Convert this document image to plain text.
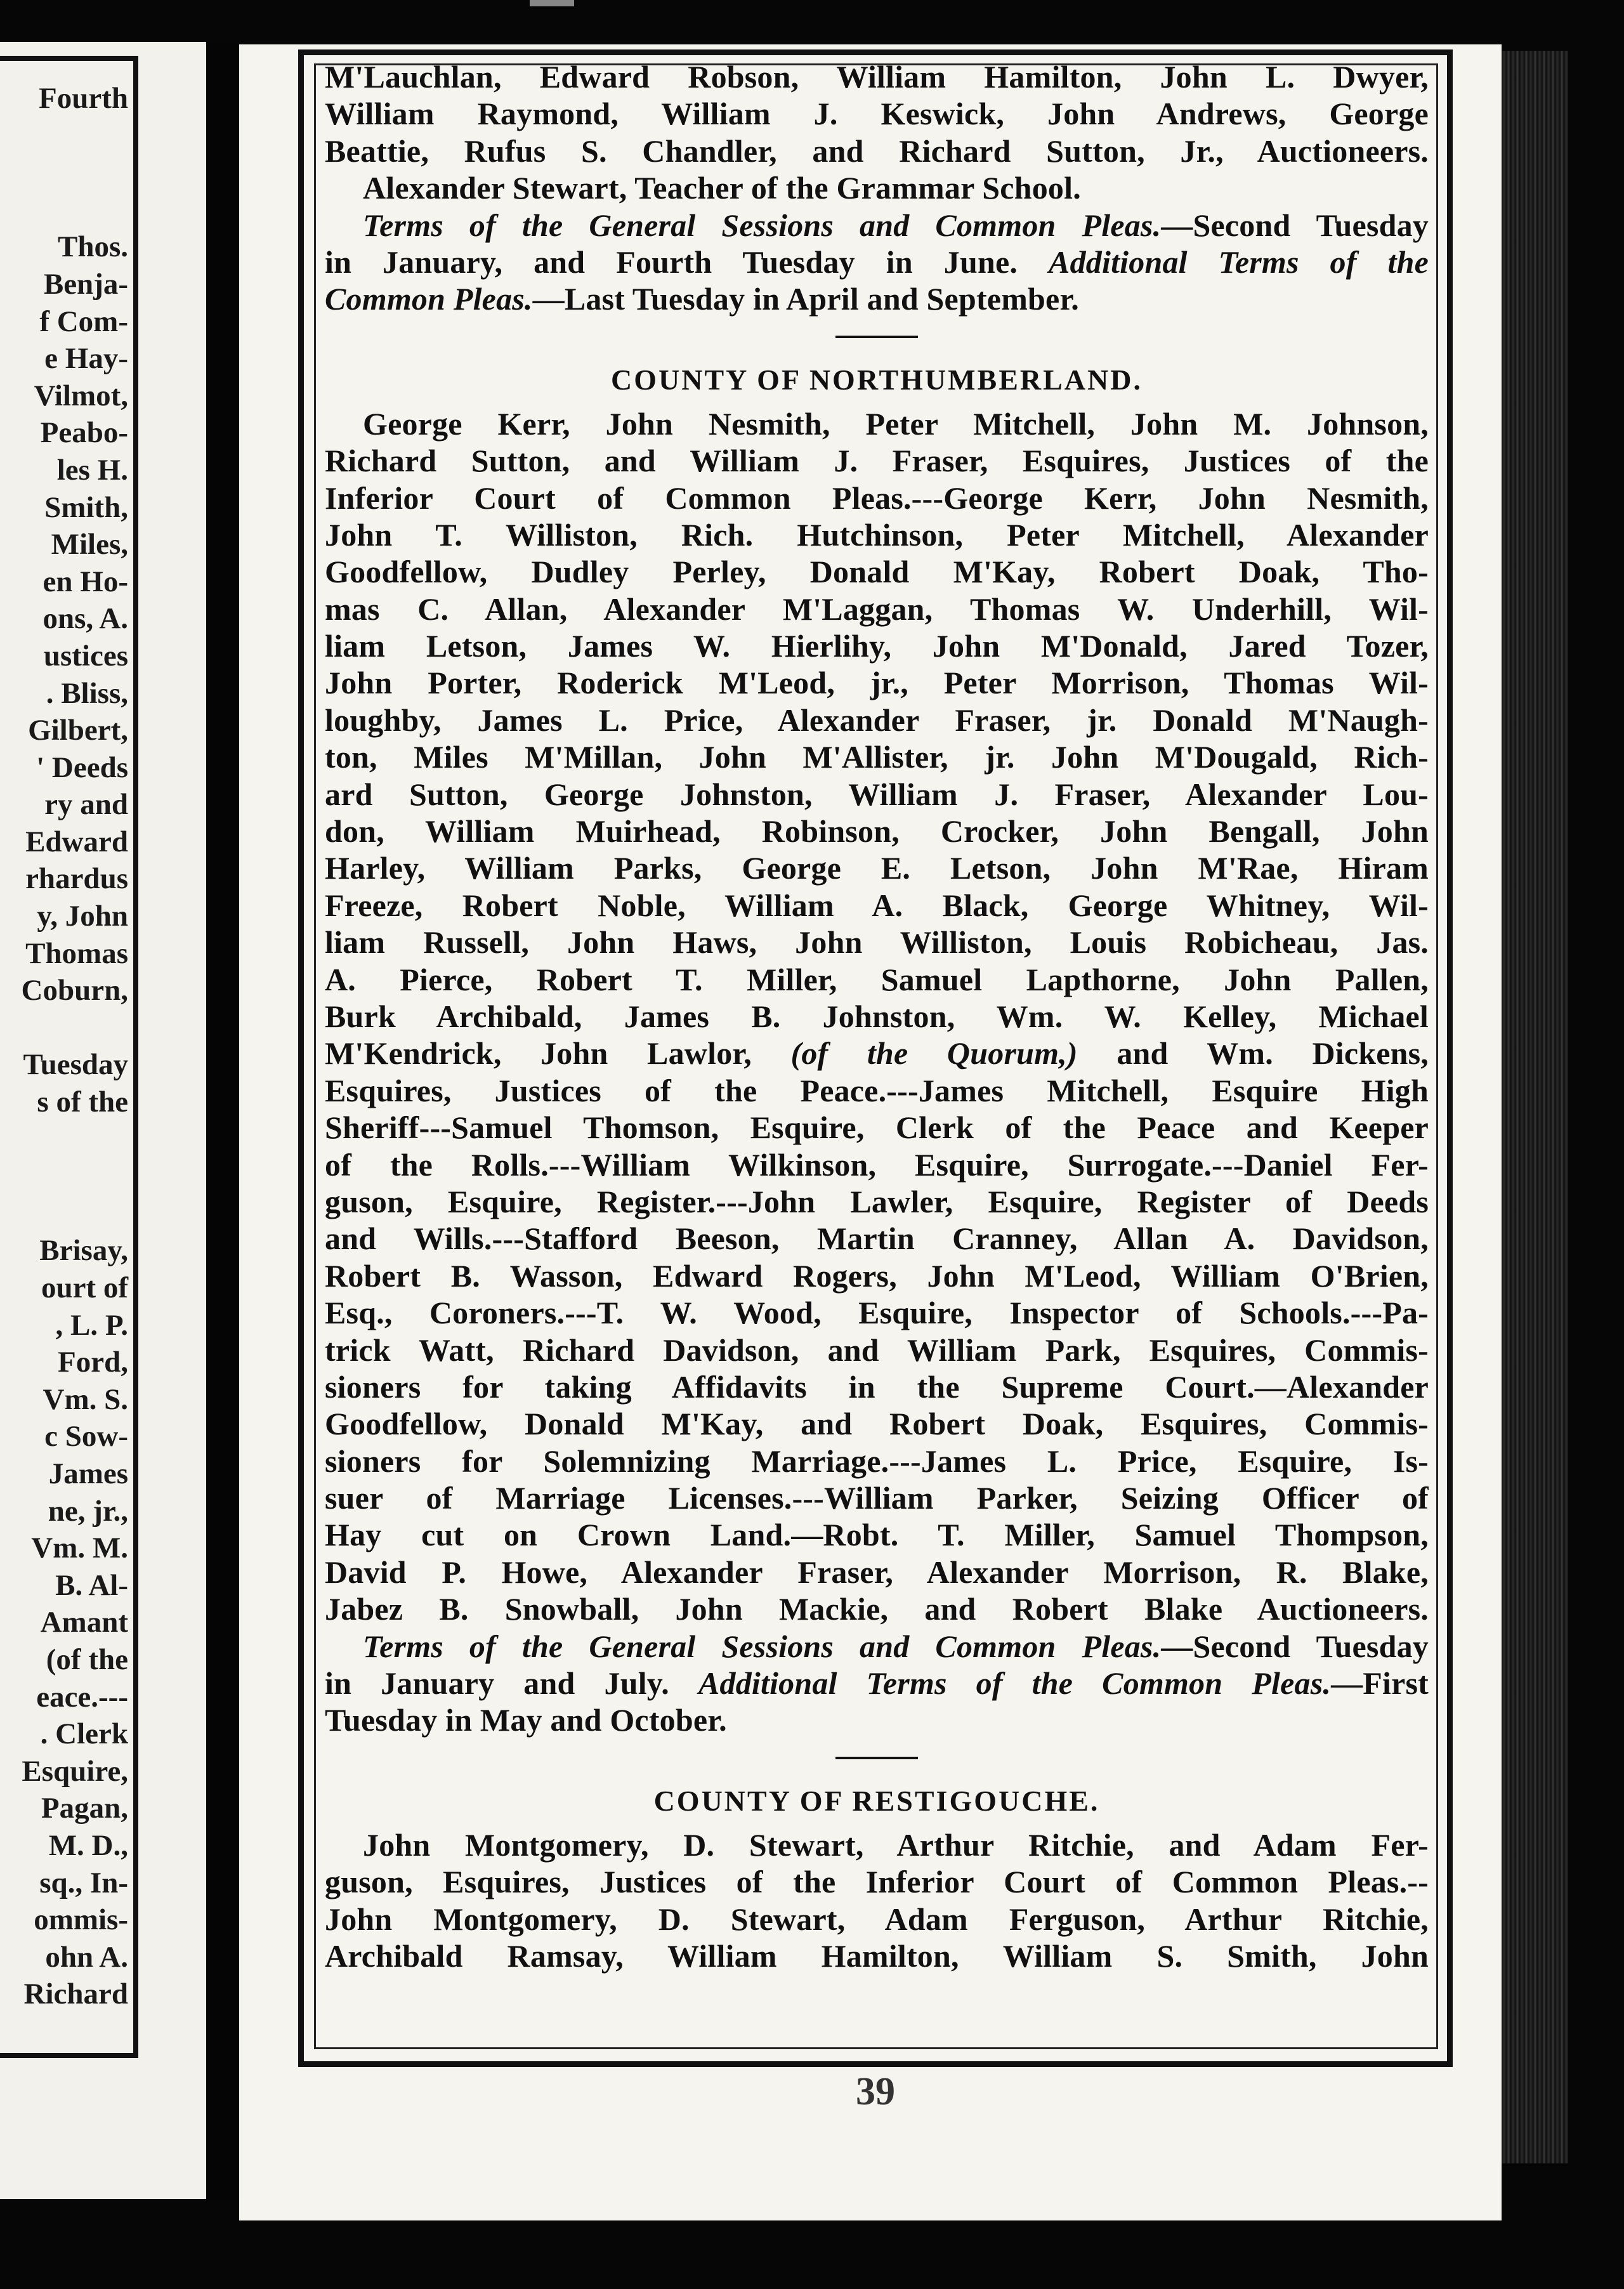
Fourth
Thos.
Benja-
f Com-
e Hay-
Vilmot,
Peabo-
les H.
Smith,
Miles,
en Ho-
ons, A.
ustices
. Bliss,
Gilbert,
' Deeds
ry and
Edward
rhardus
y, John
Thomas
Coburn,
Tuesday
s of the
Brisay,
ourt of
, L. P.
Ford,
Vm. S.
c Sow-
James
ne, jr.,
Vm. M.
B. Al-
Amant
(of the
eace.---
. Clerk
Esquire,
Pagan,
M. D.,
sq., In-
ommis-
ohn A.
Richard
M'Lauchlan, Edward Robson, William Hamilton, John L. Dwyer,
William Raymond, William J. Keswick, John Andrews, George
Beattie, Rufus S. Chandler, and Richard Sutton, Jr., Auctioneers.
Alexander Stewart, Teacher of the Grammar School.
Terms of the General Sessions and Common Pleas.—Second Tuesday
in January, and Fourth Tuesday in June. Additional Terms of the
Common Pleas.—Last Tuesday in April and September.
COUNTY OF NORTHUMBERLAND.
George Kerr, John Nesmith, Peter Mitchell, John M. Johnson,
Richard Sutton, and William J. Fraser, Esquires, Justices of the
Inferior Court of Common Pleas.---George Kerr, John Nesmith,
John T. Williston, Rich. Hutchinson, Peter Mitchell, Alexander
Goodfellow, Dudley Perley, Donald M'Kay, Robert Doak, Tho-
mas C. Allan, Alexander M'Laggan, Thomas W. Underhill, Wil-
liam Letson, James W. Hierlihy, John M'Donald, Jared Tozer,
John Porter, Roderick M'Leod, jr., Peter Morrison, Thomas Wil-
loughby, James L. Price, Alexander Fraser, jr. Donald M'Naugh-
ton, Miles M'Millan, John M'Allister, jr. John M'Dougald, Rich-
ard Sutton, George Johnston, William J. Fraser, Alexander Lou-
don, William Muirhead, Robinson, Crocker, John Bengall, John
Harley, William Parks, George E. Letson, John M'Rae, Hiram
Freeze, Robert Noble, William A. Black, George Whitney, Wil-
liam Russell, John Haws, John Williston, Louis Robicheau, Jas.
A. Pierce, Robert T. Miller, Samuel Lapthorne, John Pallen,
Burk Archibald, James B. Johnston, Wm. W. Kelley, Michael
M'Kendrick, John Lawlor, (of the Quorum,) and Wm. Dickens,
Esquires, Justices of the Peace.---James Mitchell, Esquire High
Sheriff---Samuel Thomson, Esquire, Clerk of the Peace and Keeper
of the Rolls.---William Wilkinson, Esquire, Surrogate.---Daniel Fer-
guson, Esquire, Register.---John Lawler, Esquire, Register of Deeds
and Wills.---Stafford Beeson, Martin Cranney, Allan A. Davidson,
Robert B. Wasson, Edward Rogers, John M'Leod, William O'Brien,
Esq., Coroners.---T. W. Wood, Esquire, Inspector of Schools.---Pa-
trick Watt, Richard Davidson, and William Park, Esquires, Commis-
sioners for taking Affidavits in the Supreme Court.—Alexander
Goodfellow, Donald M'Kay, and Robert Doak, Esquires, Commis-
sioners for Solemnizing Marriage.---James L. Price, Esquire, Is-
suer of Marriage Licenses.---William Parker, Seizing Officer of
Hay cut on Crown Land.—Robt. T. Miller, Samuel Thompson,
David P. Howe, Alexander Fraser, Alexander Morrison, R. Blake,
Jabez B. Snowball, John Mackie, and Robert Blake Auctioneers.
Terms of the General Sessions and Common Pleas.—Second Tuesday
in January and July. Additional Terms of the Common Pleas.—First
Tuesday in May and October.
COUNTY OF RESTIGOUCHE.
John Montgomery, D. Stewart, Arthur Ritchie, and Adam Fer-
guson, Esquires, Justices of the Inferior Court of Common Pleas.--
John Montgomery, D. Stewart, Adam Ferguson, Arthur Ritchie,
Archibald Ramsay, William Hamilton, William S. Smith, John
39
